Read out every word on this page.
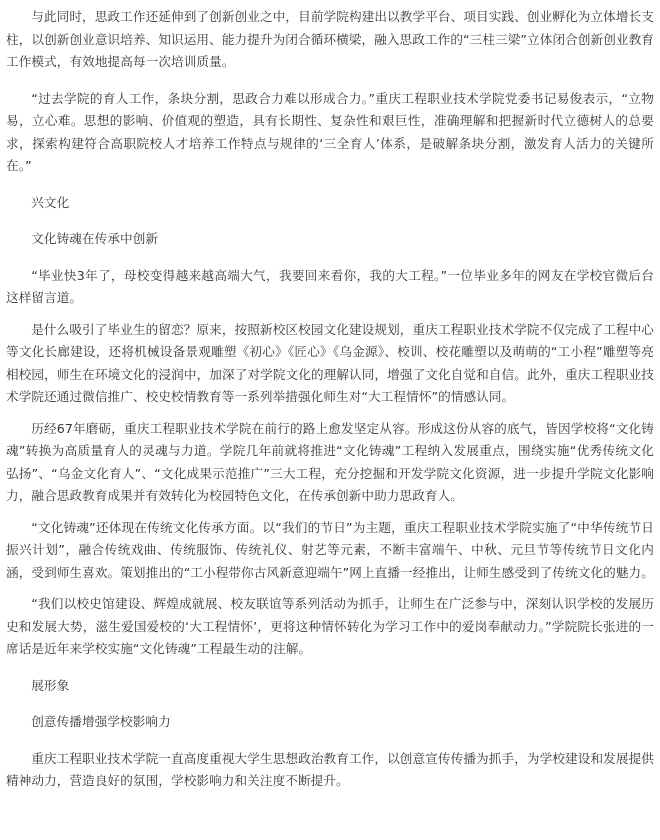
与此同时，思政工作还延伸到了创新创业之中，目前学院构建出以教学平台、项目实践、创业孵化为立体增长支柱，以创新创业意识培养、知识运用、能力提升为闭合循环横梁，融入思政工作的“三柱三梁”立体闭合创新创业教育工作模式，有效地提高每一次培训质量。

“过去学院的育人工作，条块分割，思政合力难以形成合力。”重庆工程职业技术学院党委书记易俊表示，“立物易，立心难。思想的影响、价值观的塑造，具有长期性、复杂性和艰巨性，准确理解和把握新时代立德树人的总要求，探索构建符合高职院校人才培养工作特点与规律的‘三全育人’体系，是破解条块分割，激发育人活力的关键所在。”

兴文化

文化铸魂在传承中创新

“毕业快3年了，母校变得越来越高端大气，我要回来看你，我的大工程。”一位毕业多年的网友在学校官微后台这样留言道。

是什么吸引了毕业生的留恋？原来，按照新校区校园文化建设规划，重庆工程职业技术学院不仅完成了工程中心等文化长廊建设，还将机械设备景观雕塑《初心》《匠心》《乌金源》、校训、校花雕塑以及萌萌的“工小程”雕塑等亮相校园，师生在环境文化的浸润中，加深了对学院文化的理解认同，增强了文化自觉和自信。此外，重庆工程职业技术学院还通过微信推广、校史校情教育等一系列举措强化师生对“大工程情怀”的情感认同。

历经67年磨砺，重庆工程职业技术学院在前行的路上愈发坚定从容。形成这份从容的底气，皆因学校将“文化铸魂”转换为高质量育人的灵魂与力道。学院几年前就将推进“文化铸魂”工程纳入发展重点，围绕实施“优秀传统文化弘扬”、“乌金文化育人”、“文化成果示范推广”三大工程，充分挖掘和开发学院文化资源，进一步提升学院文化影响力，融合思政教育成果并有效转化为校园特色文化，在传承创新中助力思政育人。

“文化铸魂”还体现在传统文化传承方面。以“我们的节日”为主题，重庆工程职业技术学院实施了“中华传统节日振兴计划”，融合传统戏曲、传统服饰、传统礼仪、射艺等元素，不断丰富端午、中秋、元旦节等传统节日文化内涵，受到师生喜欢。策划推出的“工小程带你古风新意迎端午”网上直播一经推出，让师生感受到了传统文化的魅力。

“我们以校史馆建设、辉煌成就展、校友联谊等系列活动为抓手，让师生在广泛参与中，深刻认识学校的发展历史和发展大势，滋生爱国爱校的‘大工程情怀’，更将这种情怀转化为学习工作中的爱岗奉献动力。”学院院长张进的一席话是近年来学校实施“文化铸魂”工程最生动的注解。

展形象

创意传播增强学校影响力

重庆工程职业技术学院一直高度重视大学生思想政治教育工作，以创意宣传传播为抓手，为学校建设和发展提供精神动力，营造良好的氛围，学校影响力和关注度不断提升。
